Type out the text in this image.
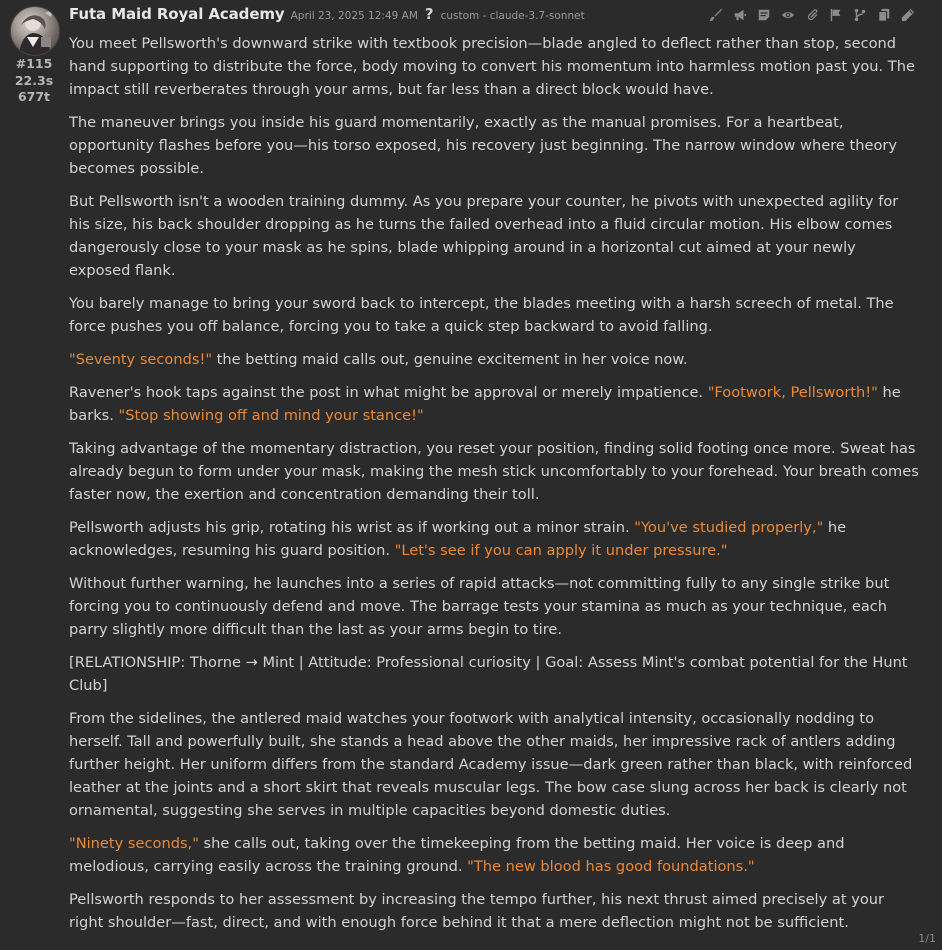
#115
22.3s
677t
Futa Maid Royal Academy April 23, 2025 12:49 AM ? custom - claude-3.7-sonnet

You meet Pellsworth's downward strike with textbook precision—blade angled to deflect rather than stop, second hand supporting to distribute the force, body moving to convert his momentum into harmless motion past you. The impact still reverberates through your arms, but far less than a direct block would have.

The maneuver brings you inside his guard momentarily, exactly as the manual promises. For a heartbeat, opportunity flashes before you—his torso exposed, his recovery just beginning. The narrow window where theory becomes possible.

But Pellsworth isn't a wooden training dummy. As you prepare your counter, he pivots with unexpected agility for his size, his back shoulder dropping as he turns the failed overhead into a fluid circular motion. His elbow comes dangerously close to your mask as he spins, blade whipping around in a horizontal cut aimed at your newly exposed flank.

You barely manage to bring your sword back to intercept, the blades meeting with a harsh screech of metal. The force pushes you off balance, forcing you to take a quick step backward to avoid falling.

"Seventy seconds!" the betting maid calls out, genuine excitement in her voice now.

Ravener's hook taps against the post in what might be approval or merely impatience. "Footwork, Pellsworth!" he barks. "Stop showing off and mind your stance!"

Taking advantage of the momentary distraction, you reset your position, finding solid footing once more. Sweat has already begun to form under your mask, making the mesh stick uncomfortably to your forehead. Your breath comes faster now, the exertion and concentration demanding their toll.

Pellsworth adjusts his grip, rotating his wrist as if working out a minor strain. "You've studied properly," he acknowledges, resuming his guard position. "Let's see if you can apply it under pressure."

Without further warning, he launches into a series of rapid attacks—not committing fully to any single strike but forcing you to continuously defend and move. The barrage tests your stamina as much as your technique, each parry slightly more difficult than the last as your arms begin to tire.

[RELATIONSHIP: Thorne → Mint | Attitude: Professional curiosity | Goal: Assess Mint's combat potential for the Hunt Club]

From the sidelines, the antlered maid watches your footwork with analytical intensity, occasionally nodding to herself. Tall and powerfully built, she stands a head above the other maids, her impressive rack of antlers adding further height. Her uniform differs from the standard Academy issue—dark green rather than black, with reinforced leather at the joints and a short skirt that reveals muscular legs. The bow case slung across her back is clearly not ornamental, suggesting she serves in multiple capacities beyond domestic duties.

"Ninety seconds," she calls out, taking over the timekeeping from the betting maid. Her voice is deep and melodious, carrying easily across the training ground. "The new blood has good foundations."

Pellsworth responds to her assessment by increasing the tempo further, his next thrust aimed precisely at your right shoulder—fast, direct, and with enough force behind it that a mere deflection might not be sufficient.

1/1
